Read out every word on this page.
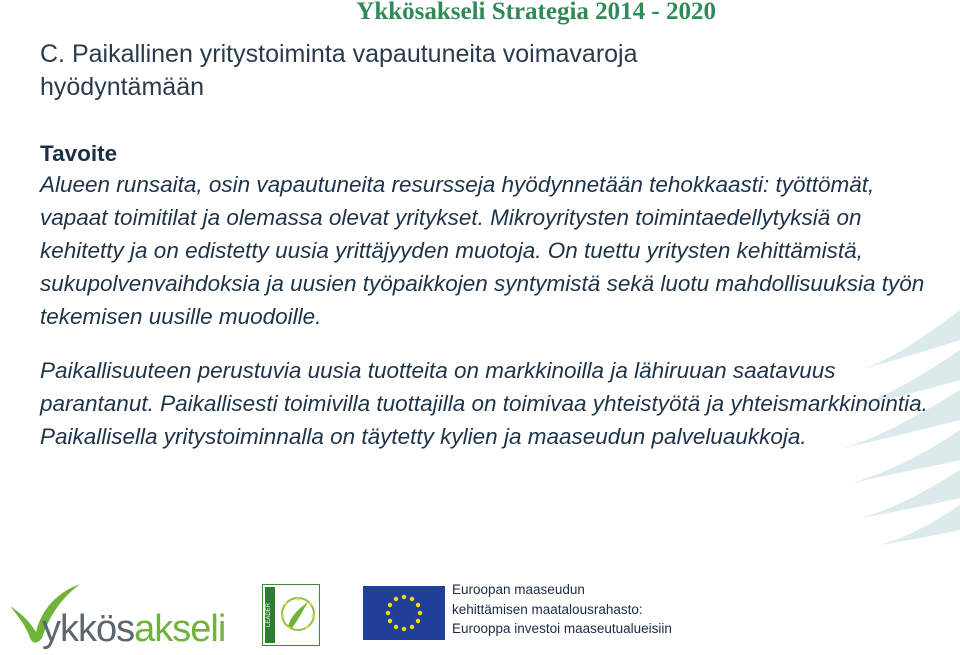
Ykkösakseli Strategia 2014 - 2020
C. Paikallinen yritystoiminta vapautuneita voimavaroja
hyödyntämään

Tavoite

Alueen runsaita, osin vapautuneita resursseja hyödynnetään tehokkaasti: työttömät, vapaat toimitilat ja olemassa olevat yritykset. Mikroyritysten toimintaedellytyksiä on kehitetty ja on edistetty uusia yrittäjyyden muotoja. On tuettu yritysten kehittämistä, sukupolvenvaihdoksia ja uusien työpaikkojen syntymistä sekä luotu mahdollisuuksia työn tekemisen uusille muodoille.

Paikallisuuteen perustuvia uusia tuotteita on markkinoilla ja lähiruuan saatavuus parantanut. Paikallisesti toimivilla tuottajilla on toimivaa yhteistyötä ja yhteismarkkinointia. Paikallisella yritystoiminnalla on täytetty kylien ja maaseudun palveluaukkoja.

ykkösakseli	LEADER
Euroopan maaseudun
kehittämisen maatalousrahasto:
Eurooppa investoi maaseutualueisiin
